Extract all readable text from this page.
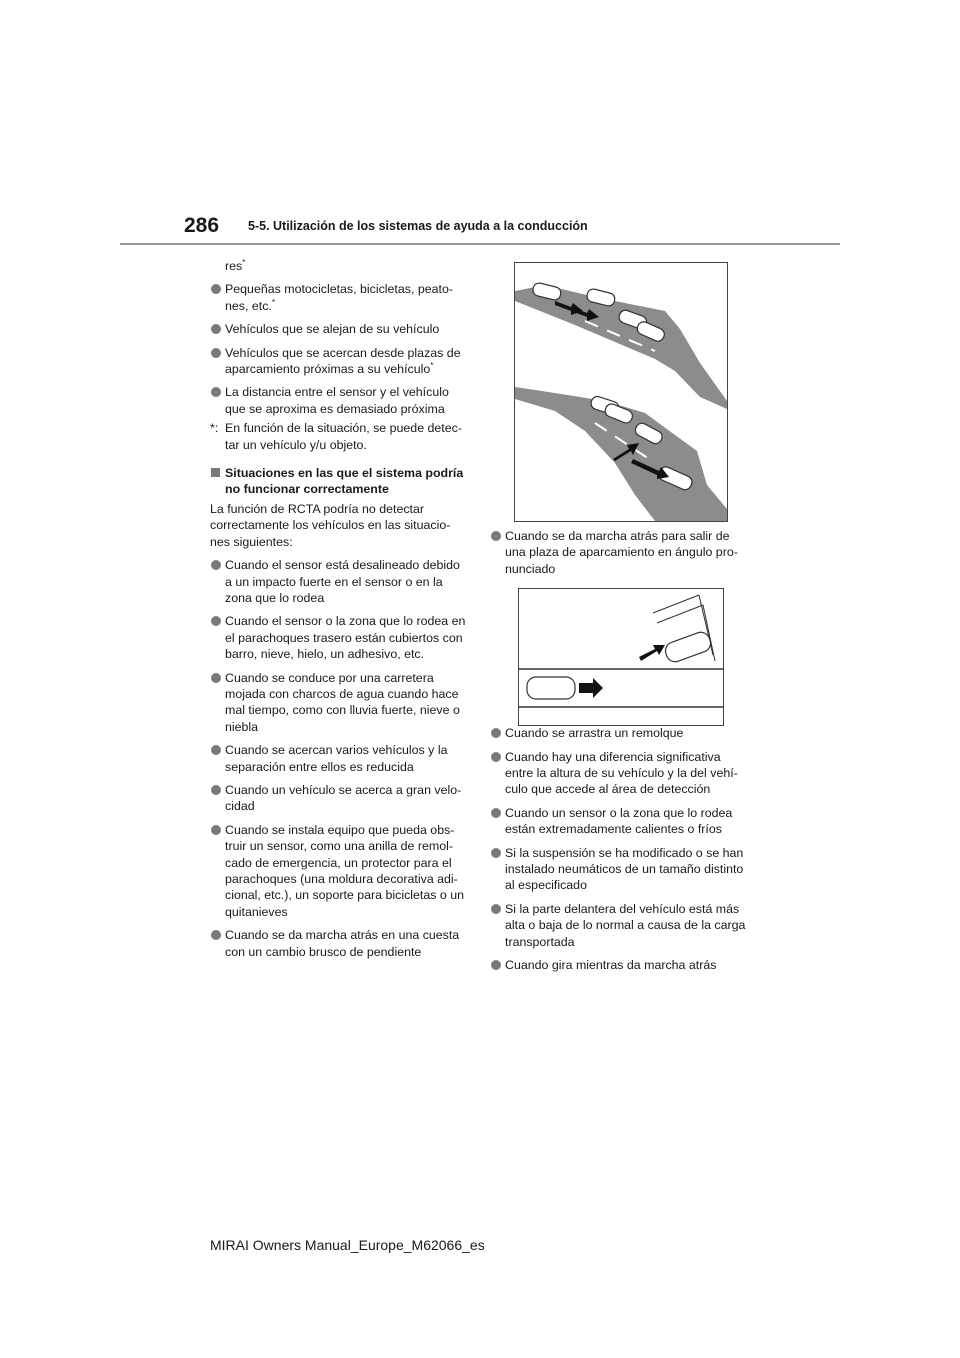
286 5-5. Utilización de los sistemas de ayuda a la conducción

res*

Pequeñas motocicletas, bicicletas, peato-nes, etc.*
Vehículos que se alejan de su vehículo
Vehículos que se acercan desde plazas de aparcamiento próximas a su vehículo*
La distancia entre el sensor y el vehículo que se aproxima es demasiado próxima
*: En función de la situación, se puede detec-tar un vehículo y/u objeto.
Situaciones en las que el sistema podría no funcionar correctamente

La función de RCTA podría no detectar correctamente los vehículos en las situacio-nes siguientes:

Cuando el sensor está desalineado debido a un impacto fuerte en el sensor o en la zona que lo rodea
Cuando el sensor o la zona que lo rodea en el parachoques trasero están cubiertos con barro, nieve, hielo, un adhesivo, etc.
Cuando se conduce por una carretera mojada con charcos de agua cuando hace mal tiempo, como con lluvia fuerte, nieve o niebla
Cuando se acercan varios vehículos y la separación entre ellos es reducida
Cuando un vehículo se acerca a gran velo-cidad
Cuando se instala equipo que pueda obs-truir un sensor, como una anilla de remol-cado de emergencia, un protector para el parachoques (una moldura decorativa adi-cional, etc.), un soporte para bicicletas o un quitanieves
Cuando se da marcha atrás en una cuesta con un cambio brusco de pendiente
Cuando se da marcha atrás para salir de una plaza de aparcamiento en ángulo pro-nunciado
Cuando se arrastra un remolque
Cuando hay una diferencia significativa entre la altura de su vehículo y la del vehí-culo que accede al área de detección
Cuando un sensor o la zona que lo rodea están extremadamente calientes o fríos
Si la suspensión se ha modificado o se han instalado neumáticos de un tamaño distinto al especificado
Si la parte delantera del vehículo está más alta o baja de lo normal a causa de la carga transportada
Cuando gira mientras da marcha atrás
MIRAI Owners Manual_Europe_M62066_es
